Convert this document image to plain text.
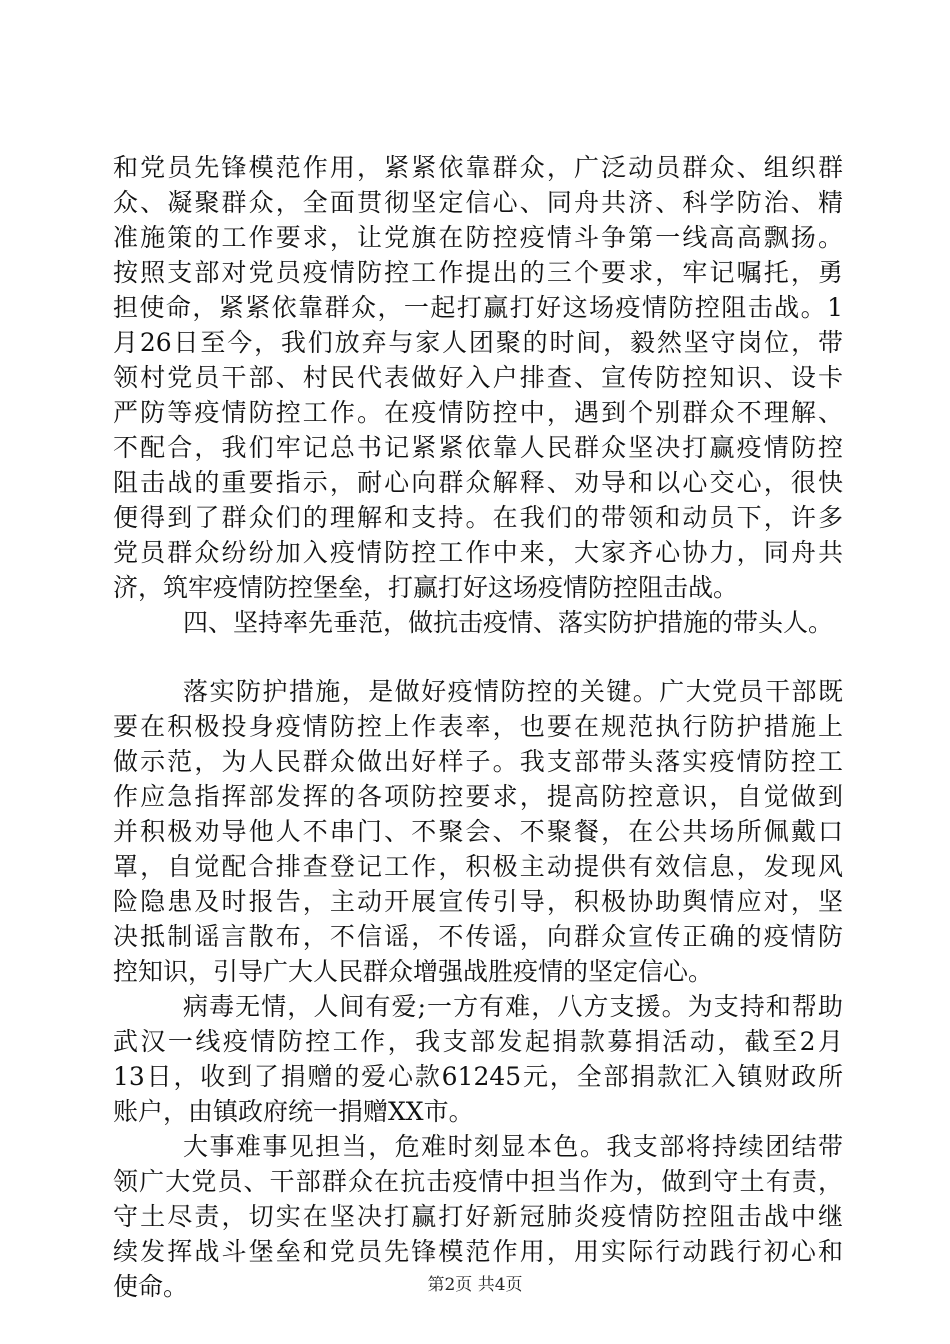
和党员先锋模范作用，紧紧依靠群众，广泛动员群众、组织群
众、凝聚群众，全面贯彻坚定信心、同舟共济、科学防治、精
准施策的工作要求，让党旗在防控疫情斗争第一线高高飘扬。
按照支部对党员疫情防控工作提出的三个要求，牢记嘱托，勇
担使命，紧紧依靠群众，一起打赢打好这场疫情防控阻击战。1
月26日至今，我们放弃与家人团聚的时间，毅然坚守岗位，带
领村党员干部、村民代表做好入户排查、宣传防控知识、设卡
严防等疫情防控工作。在疫情防控中，遇到个别群众不理解、
不配合，我们牢记总书记紧紧依靠人民群众坚决打赢疫情防控
阻击战的重要指示，耐心向群众解释、劝导和以心交心，很快
便得到了群众们的理解和支持。在我们的带领和动员下，许多
党员群众纷纷加入疫情防控工作中来，大家齐心协力，同舟共
济，筑牢疫情防控堡垒，打赢打好这场疫情防控阻击战。
四、坚持率先垂范，做抗击疫情、落实防护措施的带头人。
落实防护措施，是做好疫情防控的关键。广大党员干部既
要在积极投身疫情防控上作表率，也要在规范执行防护措施上
做示范，为人民群众做出好样子。我支部带头落实疫情防控工
作应急指挥部发挥的各项防控要求，提高防控意识，自觉做到
并积极劝导他人不串门、不聚会、不聚餐，在公共场所佩戴口
罩，自觉配合排查登记工作，积极主动提供有效信息，发现风
险隐患及时报告，主动开展宣传引导，积极协助舆情应对，坚
决抵制谣言散布，不信谣，不传谣，向群众宣传正确的疫情防
控知识，引导广大人民群众增强战胜疫情的坚定信心。
病毒无情，人间有爱;一方有难，八方支援。为支持和帮助
武汉一线疫情防控工作，我支部发起捐款募捐活动，截至2月
13日，收到了捐赠的爱心款61245元，全部捐款汇入镇财政所
账户，由镇政府统一捐赠XX市。
大事难事见担当，危难时刻显本色。我支部将持续团结带
领广大党员、干部群众在抗击疫情中担当作为，做到守土有责，
守土尽责，切实在坚决打赢打好新冠肺炎疫情防控阻击战中继
续发挥战斗堡垒和党员先锋模范作用，用实际行动践行初心和
使命。	第2页 共4页
